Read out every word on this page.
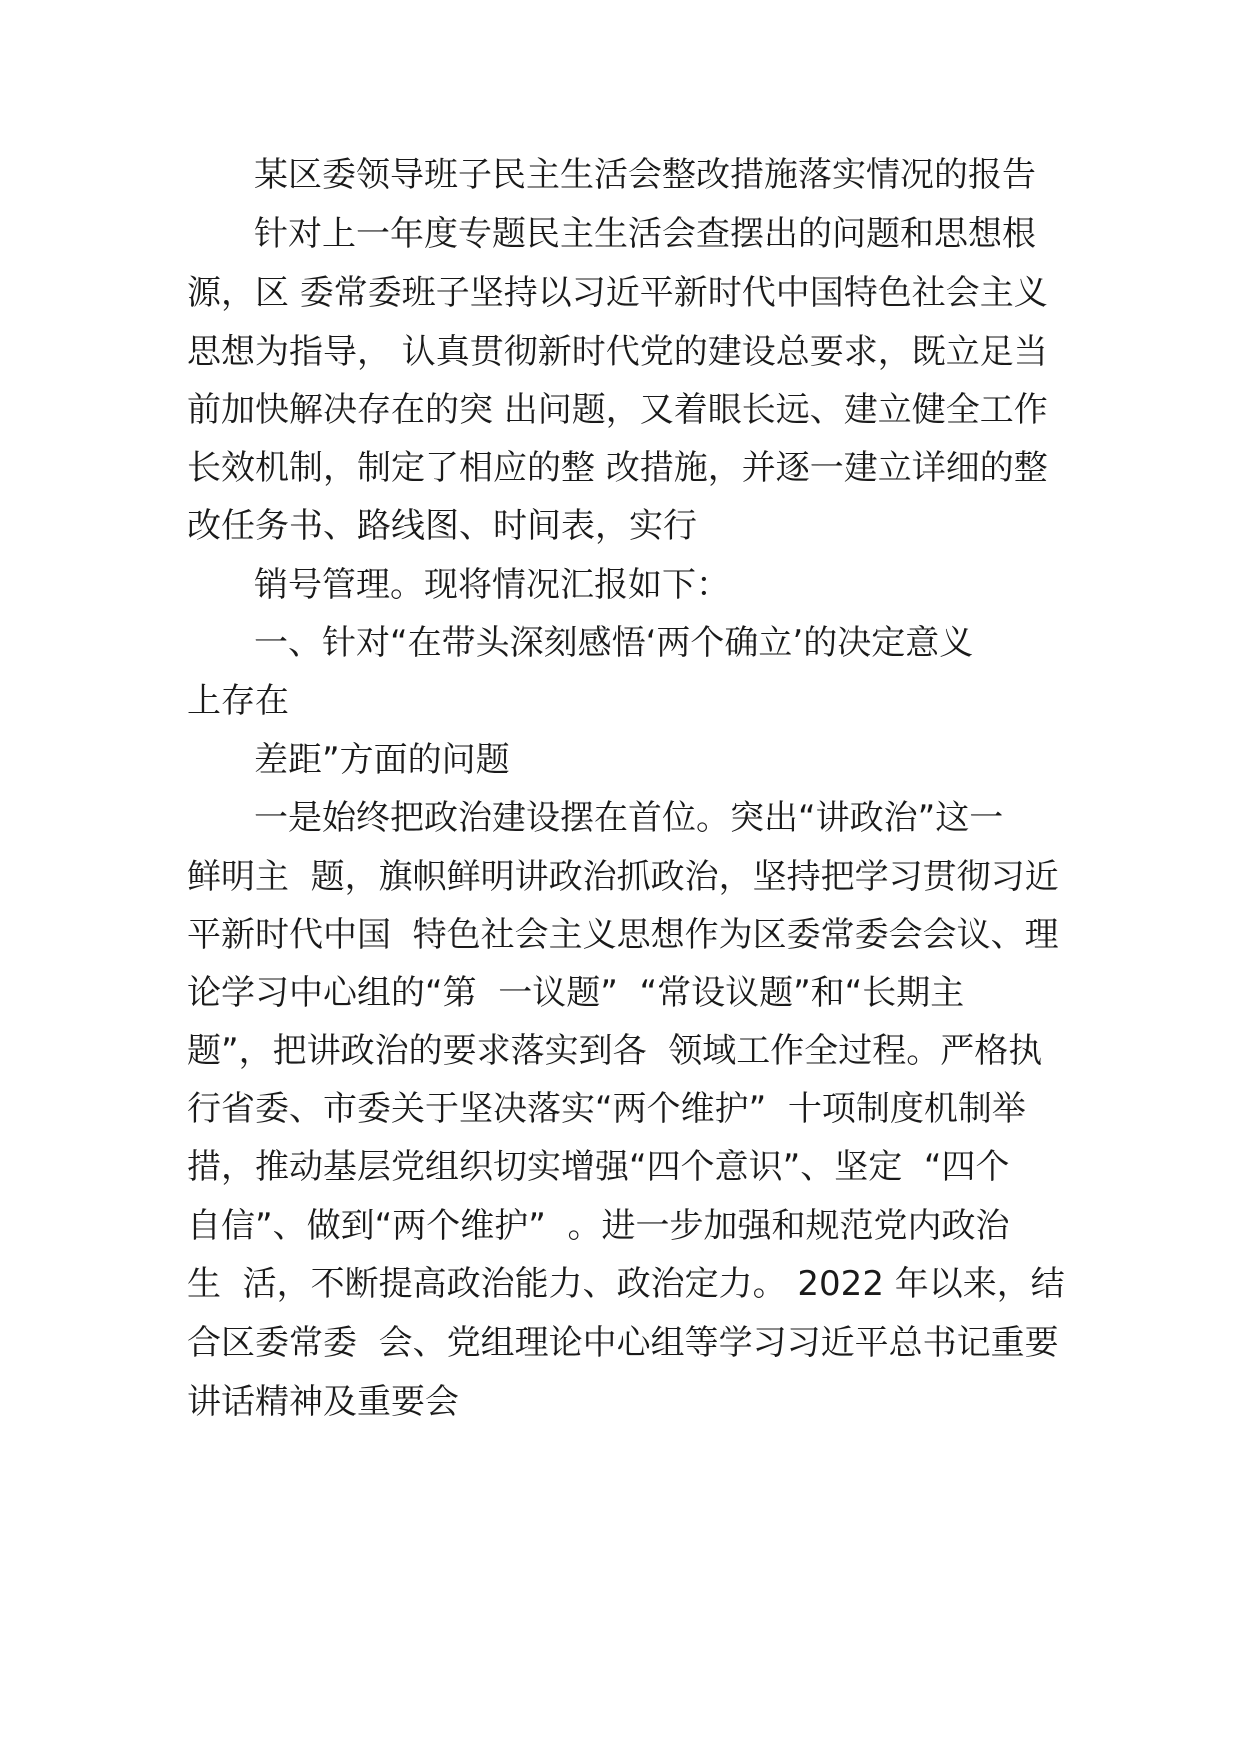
某区委领导班子民主生活会整改措施落实情况的报告

针对上一年度专题民主生活会查摆出的问题和思想根

源，区 委常委班子坚持以习近平新时代中国特色社会主义

思想为指导， 认真贯彻新时代党的建设总要求，既立足当

前加快解决存在的突 出问题，又着眼长远、建立健全工作

长效机制，制定了相应的整 改措施，并逐一建立详细的整

改任务书、路线图、时间表，实行

销号管理。现将情况汇报如下：

一、针对“在带头深刻感悟‘两个确立’的决定意义

上存在

差距”方面的问题

一是始终把政治建设摆在首位。突出“讲政治”这一

鲜明主  题，旗帜鲜明讲政治抓政治，坚持把学习贯彻习近

平新时代中国  特色社会主义思想作为区委常委会会议、理

论学习中心组的“第  一议题”  “常设议题”和“长期主

题”，把讲政治的要求落实到各  领域工作全过程。严格执

行省委、市委关于坚决落实“两个维护”  十项制度机制举

措，推动基层党组织切实增强“四个意识”、坚定  “四个

自信”、做到“两个维护”  。进一步加强和规范党内政治

生  活，不断提高政治能力、政治定力。 2022 年以来，结

合区委常委  会、党组理论中心组等学习习近平总书记重要

讲话精神及重要会
